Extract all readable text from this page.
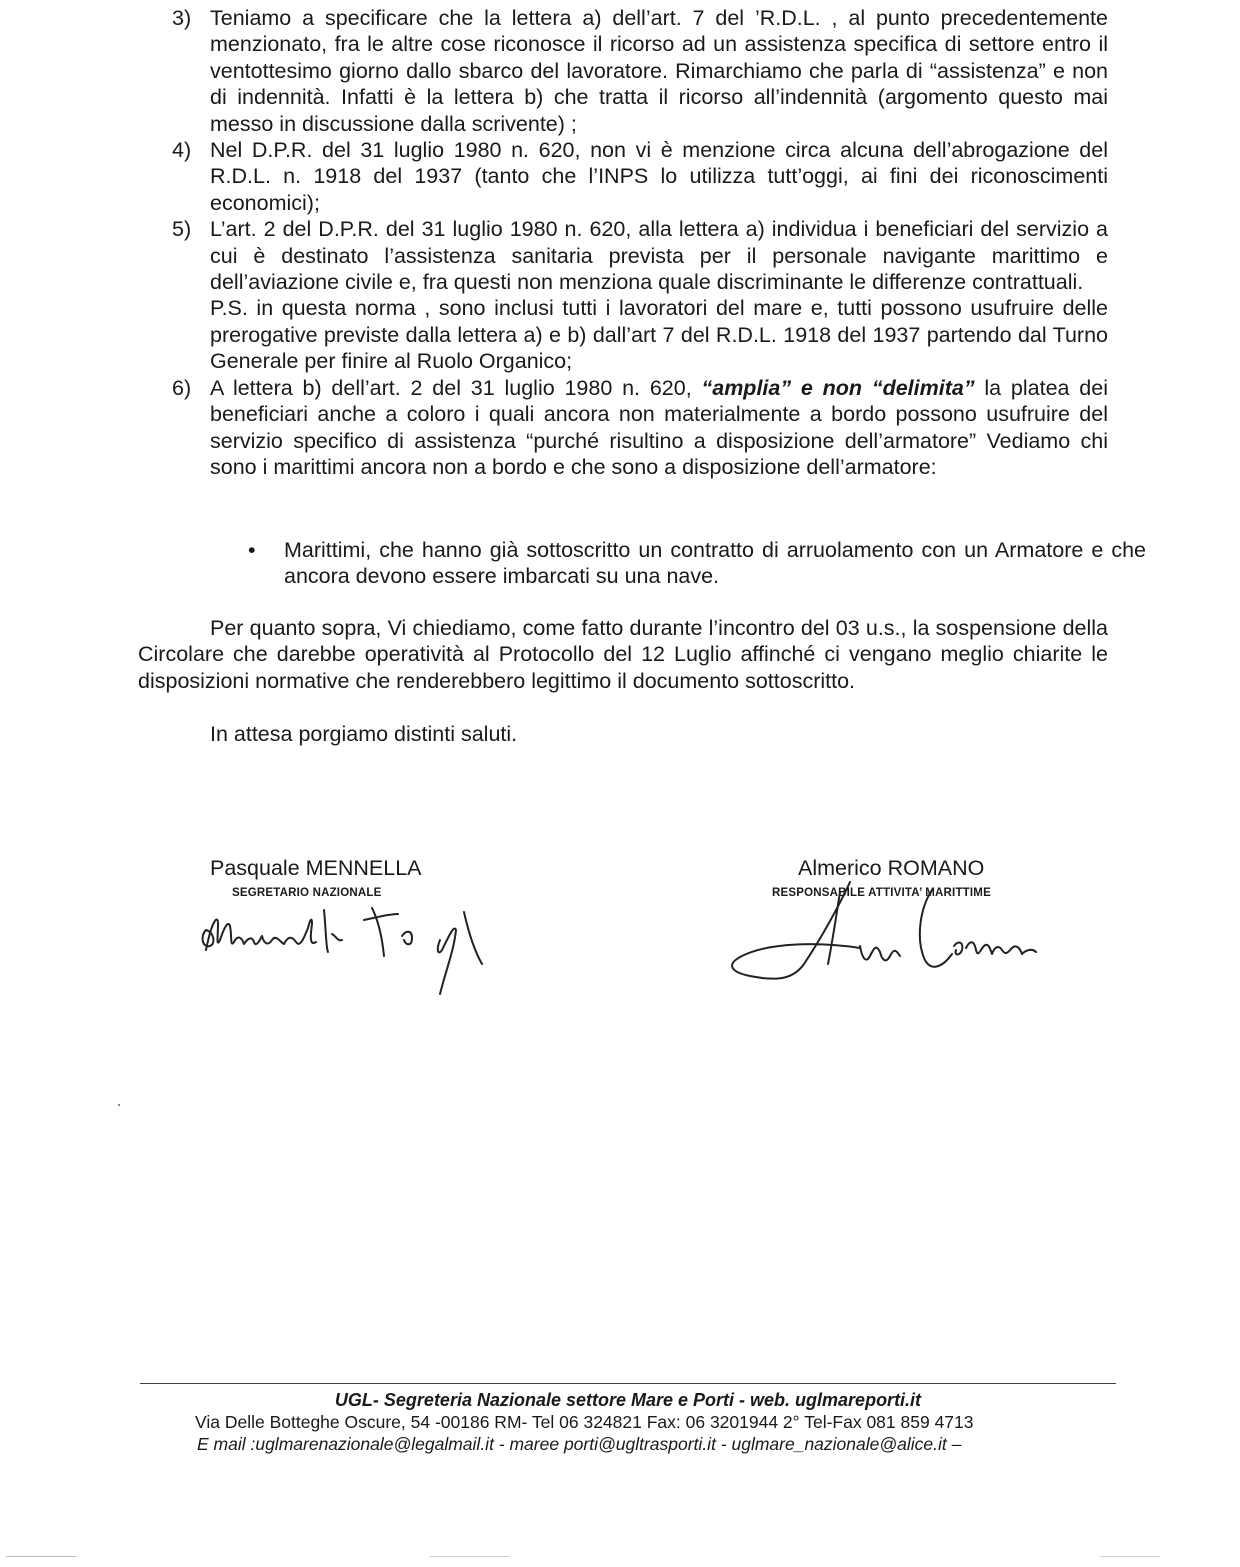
3) Teniamo a specificare che la lettera a) dell’art. 7 del ’R.D.L. , al punto precedentemente menzionato, fra le altre cose riconosce il ricorso ad un assistenza specifica di settore entro il ventottesimo giorno dallo sbarco del lavoratore. Rimarchiamo che parla di “assistenza” e non di indennità. Infatti è la lettera b) che tratta il ricorso all’indennità (argomento questo mai messo in discussione dalla scrivente) ;
4) Nel D.P.R. del 31 luglio 1980 n. 620, non vi è menzione circa alcuna dell’abrogazione del R.D.L. n. 1918 del 1937 (tanto che l’INPS lo utilizza tutt’oggi, ai fini dei riconoscimenti economici);
5) L’art. 2 del D.P.R. del 31 luglio 1980 n. 620, alla lettera a) individua i beneficiari del servizio a cui è destinato l’assistenza sanitaria prevista per il personale navigante marittimo e dell’aviazione civile e, fra questi non menziona quale discriminante le differenze contrattuali.
P.S. in questa norma , sono inclusi tutti i lavoratori del mare e, tutti possono usufruire delle prerogative previste dalla lettera a) e b) dall’art 7 del R.D.L. 1918 del 1937 partendo dal Turno Generale per finire al Ruolo Organico;
6) A lettera b) dell’art. 2 del 31 luglio 1980 n. 620, “amplia” e non “delimita” la platea dei beneficiari anche a coloro i quali ancora non materialmente a bordo possono usufruire del servizio specifico di assistenza “purché risultino a disposizione dell’armatore” Vediamo chi sono i marittimi ancora non a bordo e che sono a disposizione dell’armatore:
•	Marittimi, che hanno già sottoscritto un contratto di arruolamento con un Armatore e che ancora devono essere imbarcati su una nave.

Per quanto sopra, Vi chiediamo, come fatto durante l’incontro del 03 u.s., la sospensione della Circolare che darebbe operatività al Protocollo del 12 Luglio affinché ci vengano meglio chiarite le disposizioni normative che renderebbero legittimo il documento sottoscritto.

In attesa porgiamo distinti saluti.

Pasquale MENNELLA
SEGRETARIO NAZIONALE
Almerico ROMANO
RESPONSABILE ATTIVITA’ MARITTIME
UGL- Segreteria Nazionale settore Mare e Porti - web. uglmareporti.it
Via Delle Botteghe Oscure, 54 -00186 RM- Tel 06 324821 Fax: 06 3201944 2° Tel-Fax 081 859 4713
E mail :uglmarenazionale@legalmail.it - maree porti@ugltrasporti.it - uglmare_nazionale@alice.it –
